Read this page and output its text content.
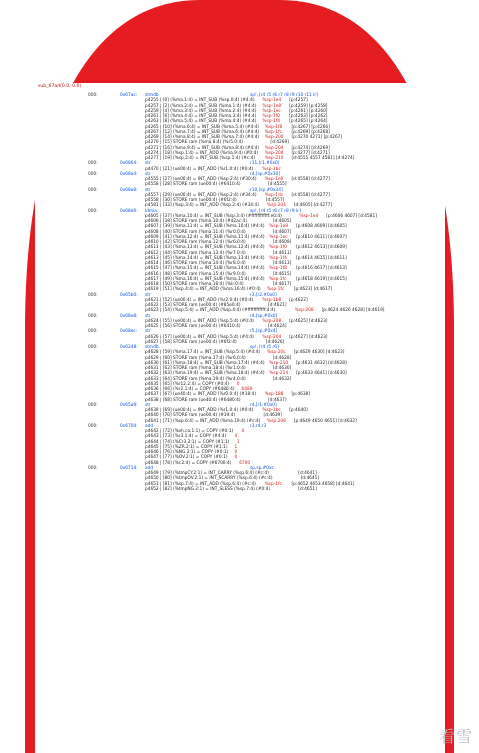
sub_67ad(0.0, 0.0)
000:	0x67ac: stmdb	sp!,{r4 r5 r6 r7 r8 r9 r10 r11 lr}
p4255 | [0] (%ma.1:4) = INT_SUB (%sp.0:4) (#4:4) %sp-1e4 [p:4257]
p4257 | [2] (%ma.2:4) = INT_SUB (%ma.1:4) (#4:4) %sp-1e8 [p:4259] [p:4258]
p4259 | [4] (%ma.3:4) = INT_SUB (%ma.2:4) (#4:4) %sp-1ec [p:4261] [p:4260]
p4261 | [6] (%ma.4:4) = INT_SUB (%ma.3:4) (#4:4) %sp-1f0 [p:4263] [p:4262]
p4263 | [8] (%ma.5:4) = INT_SUB (%ma.4:4) (#4:4) %sp-1f4 [p:4265] [p:4264]
p4265 | [10] (%ma.6:4) = INT_SUB (%ma.5:4) (#4:4) %sp-1f8 [p:4267] [p:4266]
p4267 | [12] (%ma.7:4) = INT_SUB (%ma.6:4) (#4:4) %sp-1fc [p:4269] [p:4268]
p4269 | [14] (%ma.8:4) = INT_SUB (%ma.7:4) (#4:4) %sp-200 [p:4270 4271] [p:4267]
p4270 | [15] STORE ram (%ma.8:4) (%r5.0:4)	[d:4269]
p4271 | [16] (%ma.9:4) = INT_SUB (%ma.8:4) (#4:4) %sp-204 [p:4274] [d:4269]
p4274 | [18] (%sp.1:4) = INT_ADD (%ma.9:4) (#0:4) %sp-204 [p:4277] [d:4271]
p4277 | [19] (%sp.2:4) = INT_SUB (%sp.1:4) (#c:4) %sp-210 [d:4555 4557 4581] [d:4274]
000:	0x6864: str	r11,[r1,#0x0]
p4470 | [21] (ue00:4) = INT_ADD (%r1.0:4) (#0:4) %sp-1bc
000:	0x68a4: str	r4,[sp,#0x30]
p4555 | [27] (ue00:4) = INT_ADD (%sp.2:4) (#30:4) %sp-1e0 [d:4558] [d:4277]
p4558 | [28] STORE ram (ue00:4) (#6410:4)	[d:4555]
000:	0x68a8: str	r10,[sp,#0x34]
p4557 | [29] (ue00:4) = INT_ADD (%sp.2:4) (#34:4) %sp-1dc [d:4558] [d:4277]
p4558 | [30] STORE ram (ue00:4) (#6f2:4)	[d:4557]
p4581 | [33] (%sp.3:4) = INT_ADD (%sp.2:4) (#34:4) %sp-204 [d:4605] [d:4277]
000:	0x68d0: ldmia	sp!,{r4 r5 r6 r7 r8 r9 lr}
p4605 | [37] (%ma.10:4) = INT_SUB (%sp.3:4) (#ffffffffffff:e0:4)	%sp-1e4 [p:4606 4607] [d:4581]
p4606 | [38] STORE ram (%ma.10:4) (#d2ac:4)	[d:4605]
p4607 | [39] (%ma.11:4) = INT_SUB (%ma.10:4) (#4:4) %sp-1e8 [p:4608 4609] [d:4605]
p4608 | [40] STORE ram (%ma.11:4) (%r0.0:4)	[d:4607]
p4609 | [41] (%ma.12:4) = INT_SUB (%ma.11:4) (#4:4) %sp-1ec [p:4610 4611] [d:4607]
p4610 | [42] STORE ram (%ma.12:4) (%r6.0:4)	[d:4609]
p4611 | [43] (%ma.13:4) = INT_SUB (%ma.12:4) (#4:4) %sp-1f0 [p:4612 4613] [d:4609]
p4612 | [44] STORE ram (%ma.13:4) (%r7.0:4)	[d:4611]
p4613 | [45] (%ma.14:4) = INT_SUB (%ma.13:4) (#4:4) %sp-1f4 [p:4614 4615] [d:4611]
p4614 | [46] STORE ram (%ma.14:4) (%r8.0:4)	[d:4613]
p4615 | [47] (%ma.15:4) = INT_SUB (%ma.14:4) (#4:4) %sp-1f8 [p:4616 4617] [d:4613]
p4616 | [48] STORE ram (%ma.15:4) (%r9.0:4)	[d:4615]
p4617 | [49] (%ma.16:4) = INT_SUB (%ma.15:4) (#4:4) %sp-1fc [p:4618 4619] [d:4615]
p4618 | [50] STORE ram (%ma.16:4) (%lr.0:4)	[d:4617]
p4619 | [51] (%sp.4:4) = INT_ADD (%ma.16:4) (#0:4) %sp-1fc [p:4623] [d:4617]
000:	0x65b0: str	r3,[r2,#0x0]
p4621 | [52] (ue00:4) = INT_ADD (%r2.0:4) (#0:4) %sp-1b8 [p:4622]
p4622 | [53] STORE ram (ue00:4) (#85e0:4)	[d:4621]
p4623 | [54] (%sp.5:4) = INT_ADD (%sp.4:4) (#ffffffffffff:4:4)	%sp-208 [p:4624 4626 4628] [d:4619]
000:	0x68e8: str	r4,[sp,#0x0]
p4624 | [55] (ue00:4) = INT_ADD (%sp.5:4) (#0:4) %sp-208 [p:4625] [d:4623]
p4625 | [56] STORE ram (ue00:4) (#6410:4)	[d:4624]
000:	0x68ec: str	r5,[sp,#0x4]
p4626 | [57] (ue00:4) = INT_ADD (%sp.5:4) (#4:4) %sp-204 [p:4627] [d:4623]
p4627 | [58] STORE ram (ue00:4) (#6f2:4)	[d:4626]
000:	0x6248: stmdb	sp!,{r4 r5 r6}
p4628 | [59] (%ma.17:4) = INT_SUB (%sp.5:4) (#4:4) %sp-20c [p:4629 4630] [d:4623]
p4629 | [60] STORE ram (%ma.17:4) (%r6.0:4)	[d:4628]
p4630 | [61] (%ma.18:4) = INT_SUB (%ma.17:4) (#4:4) %sp-210 [p:4631 4632] [d:4628]
p4631 | [62] STORE ram (%ma.18:4) (%r1.0:4)	[d:4630]
p4632 | [63] (%ma.19:4) = INT_SUB (%ma.18:4) (#4:4) %sp-214 [p:4633 4641] [d:4630]
p4633 | [64] STORE ram (%ma.19:4) (%r4.0:4)	[d:4632]
p4635 | [65] (%r12.2:4) = COPY (#0:4) 0
p4636 | [66] (%r2.1:4) = COPY (#6480:4) 6480
p4637 | [67] (ue40:4) = INT_ADD (%r0.0:4) (#18:4) %sp-188 [p:4638]
p4638 | [68] STORE ram (ue40:4) (#6480:4)	[d:4637]
000:	0x65a9: str	r4,[r1,#0x0]
p4639 | [69] (ue00:4) = INT_ADD (%r1.0:4) (#0:4) %sp-1bc [p:4640]
p4640 | [70] STORE ram (ue00:4) (#19:4)	[d:4639]
p4641 | [71] (%sp.6:4) = INT_ADD (%ma.19:4) (#c:4) %sp-208 [p:4649 4650 4651] [d:4632]
000:	0x6704: add	r3,r4,r3
p4642 | [72] (%sh.ca.1:1) = COPY (#0:1) 0
p4643 | [73] (%r3.1:4) = COPY (#4:4) 4
p4644 | [74] (%Cr3.2:1) = COPY (#1:1) 1
p4645 | [75] (%ZR.2:1) = COPY (#1:1) 1
p4646 | [76] (%NG.2:1) = COPY (#0:1) 0
p4647 | [77] (%OV.2:1) = COPY (#0:1) 0
p4648 | [78] (%r.2:4) = COPY (#6700:4) 6700
000:	0x6714: add	sp,sp,#0xc
p4649 | [79] (%tmpCY.2:1) = INT_CARRY (%sp.6:4) (#c:4)	[d:4641]
p4650 | [80] (%tmpOV.2:1) = INT_SCARRY (%sp.6:4) (#c:4)	[d:4641]
p4651 | [81] (%sp.7:4) = INT_ADD (%sp.6:4) (#c:4) %sp-1fc [p:4652 4653 4658] [d:4641]
p4652 | [82] (%tmpNG.2:1) = INT_SLESS (%sp.7:4) (#0:4)	[d:4651]
看雪
